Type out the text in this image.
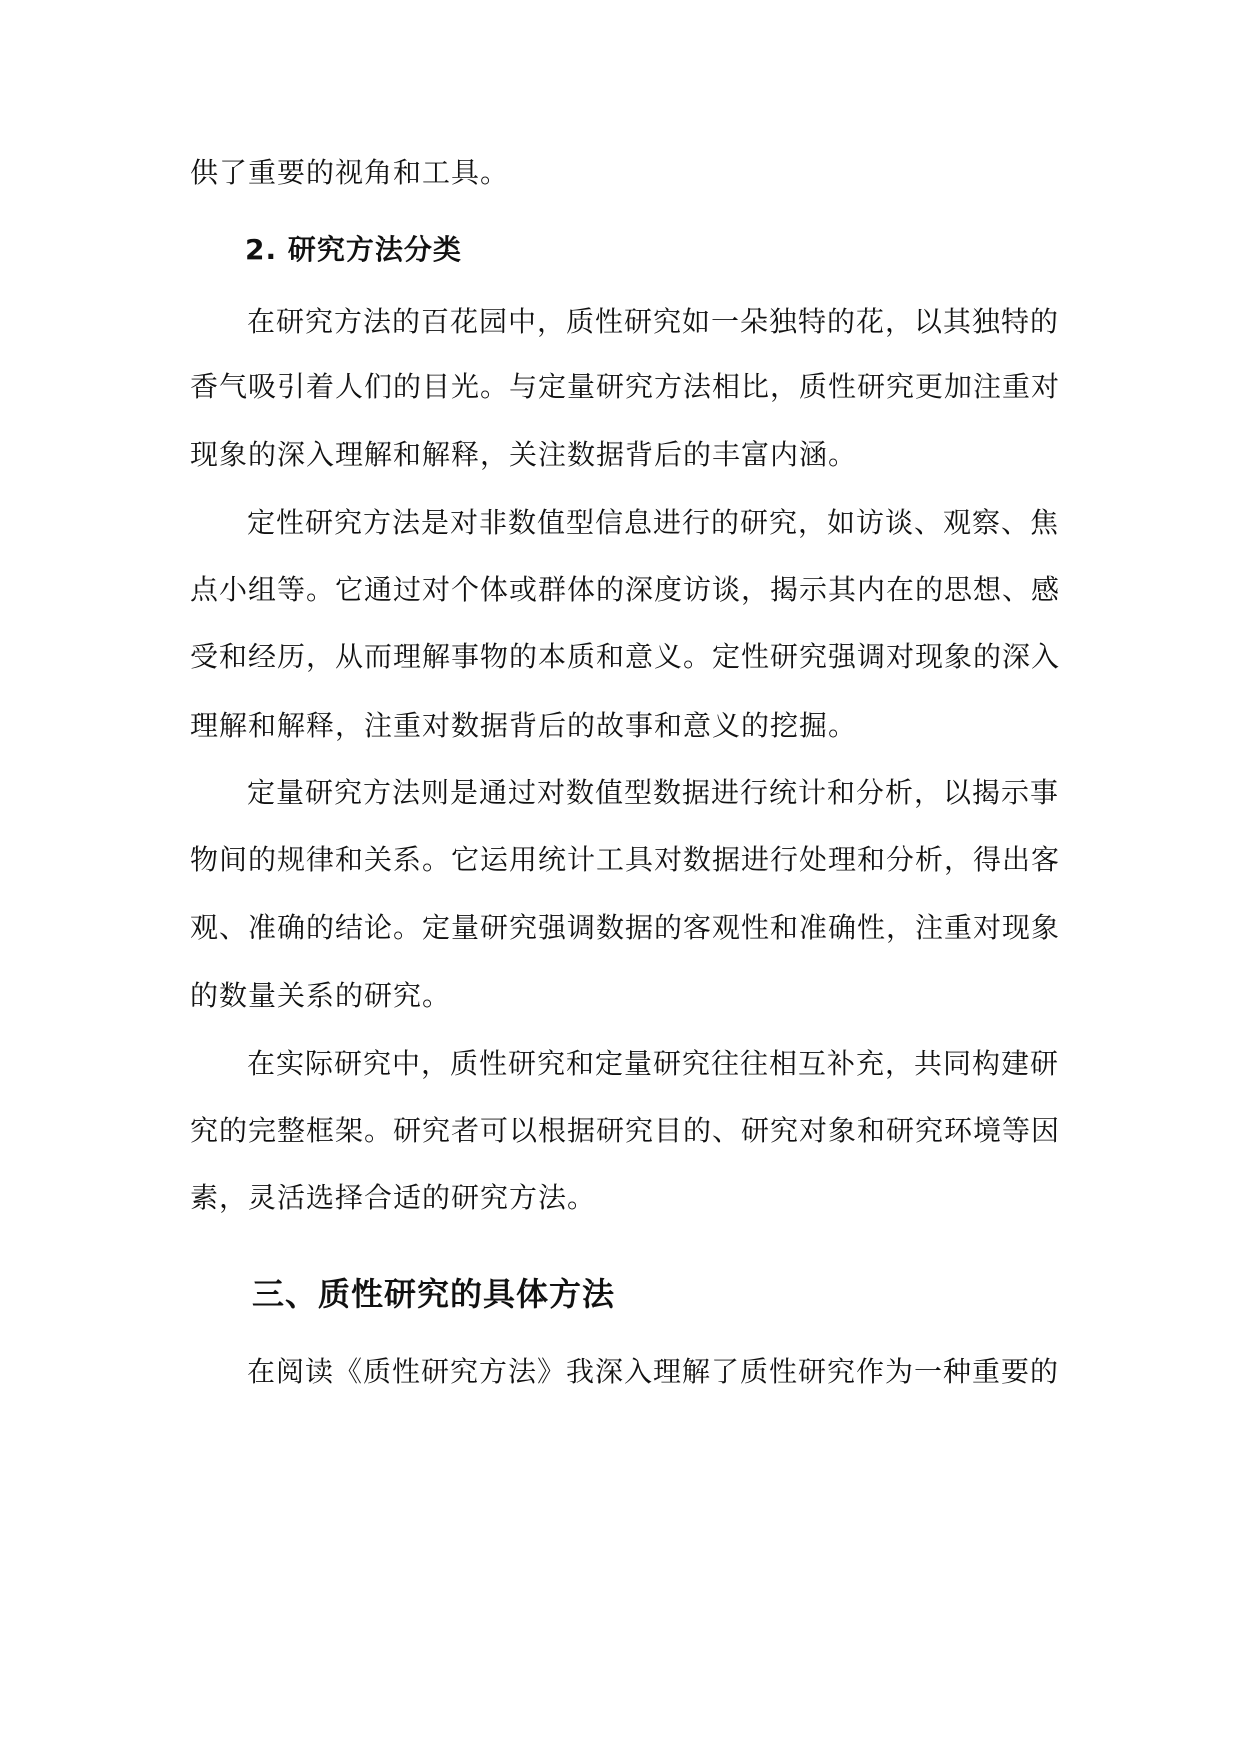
供了重要的视角和工具。
2. 研究方法分类
在研究方法的百花园中，质性研究如一朵独特的花，以其独特的
香气吸引着人们的目光。与定量研究方法相比，质性研究更加注重对
现象的深入理解和解释，关注数据背后的丰富内涵。
定性研究方法是对非数值型信息进行的研究，如访谈、观察、焦
点小组等。它通过对个体或群体的深度访谈，揭示其内在的思想、感
受和经历，从而理解事物的本质和意义。定性研究强调对现象的深入
理解和解释，注重对数据背后的故事和意义的挖掘。
定量研究方法则是通过对数值型数据进行统计和分析，以揭示事
物间的规律和关系。它运用统计工具对数据进行处理和分析，得出客
观、准确的结论。定量研究强调数据的客观性和准确性，注重对现象
的数量关系的研究。
在实际研究中，质性研究和定量研究往往相互补充，共同构建研
究的完整框架。研究者可以根据研究目的、研究对象和研究环境等因
素，灵活选择合适的研究方法。
三、质性研究的具体方法
在阅读《质性研究方法》我深入理解了质性研究作为一种重要的
